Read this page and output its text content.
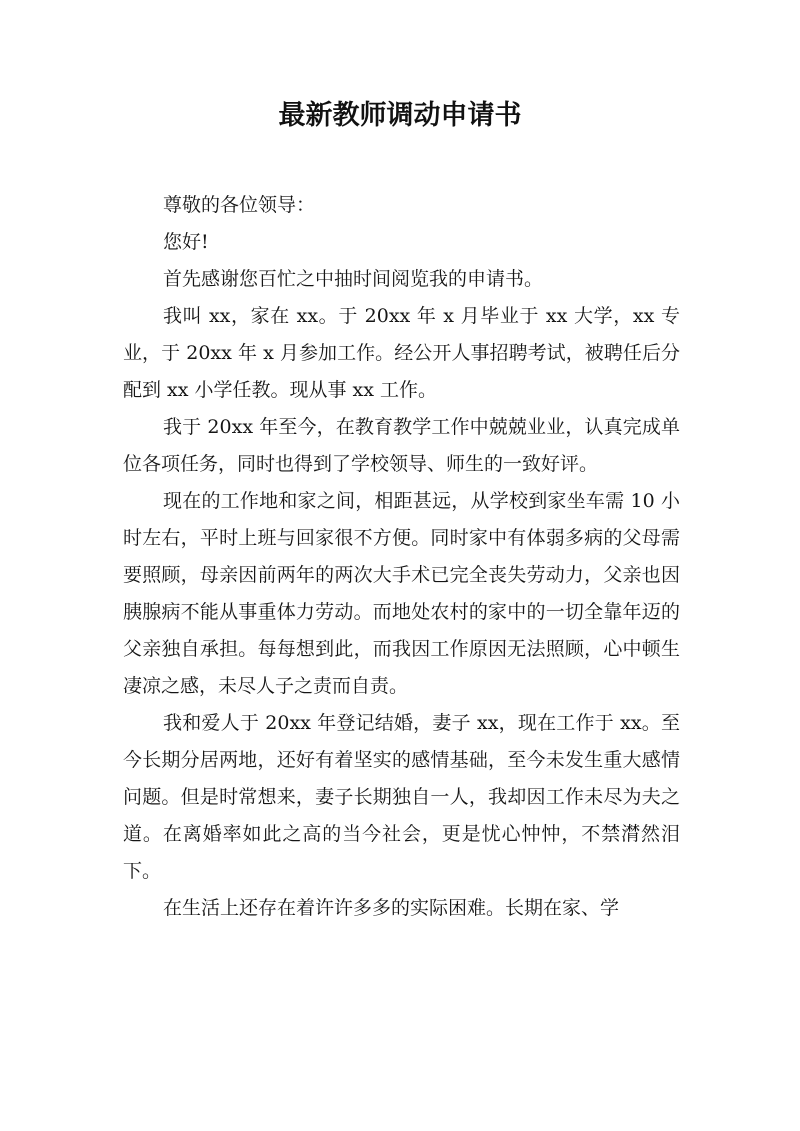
最新教师调动申请书

尊敬的各位领导：

您好!

首先感谢您百忙之中抽时间阅览我的申请书。

我叫 xx，家在 xx。于 20xx 年 x 月毕业于 xx 大学，xx 专业，于 20xx 年 x 月参加工作。经公开人事招聘考试，被聘任后分配到 xx 小学任教。现从事 xx 工作。

我于 20xx 年至今，在教育教学工作中兢兢业业，认真完成单位各项任务，同时也得到了学校领导、师生的一致好评。

现在的工作地和家之间，相距甚远，从学校到家坐车需 10 小时左右，平时上班与回家很不方便。同时家中有体弱多病的父母需要照顾，母亲因前两年的两次大手术已完全丧失劳动力，父亲也因胰腺病不能从事重体力劳动。而地处农村的家中的一切全靠年迈的父亲独自承担。每每想到此，而我因工作原因无法照顾，心中顿生凄凉之感，未尽人子之责而自责。

我和爱人于 20xx 年登记结婚，妻子 xx，现在工作于 xx。至今长期分居两地，还好有着坚实的感情基础，至今未发生重大感情问题。但是时常想来，妻子长期独自一人，我却因工作未尽为夫之道。在离婚率如此之高的当今社会，更是忧心忡忡，不禁潸然泪下。

在生活上还存在着许许多多的实际困难。长期在家、学
